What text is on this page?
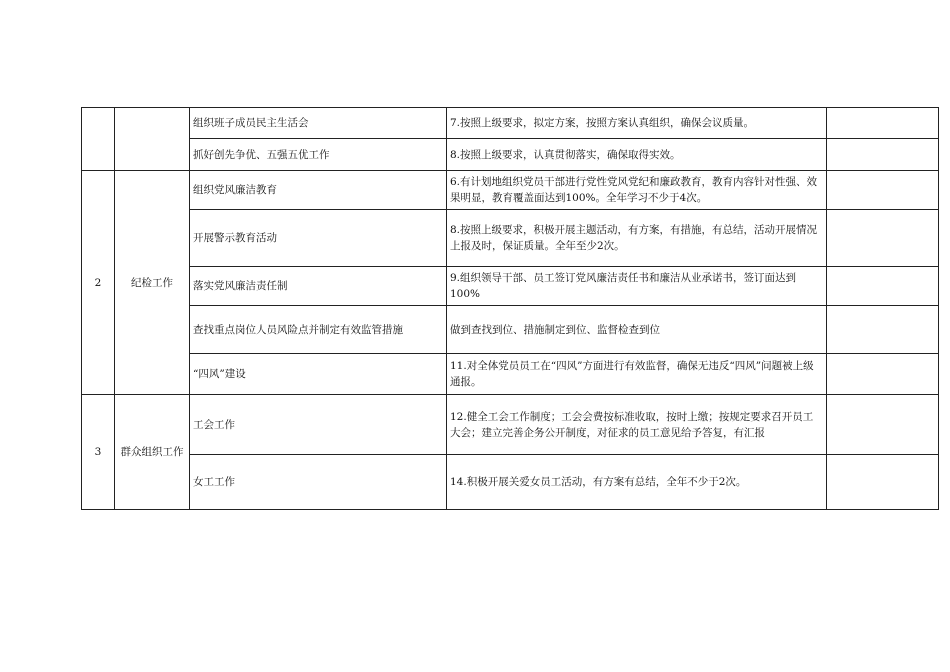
		组织班子成员民主生活会	7.按照上级要求，拟定方案，按照方案认真组织，确保会议质量。	
		抓好创先争优、五强五优工作	8.按照上级要求，认真贯彻落实，确保取得实效。	
2	纪检工作	组织党风廉洁教育	6.有计划地组织党员干部进行党性党风党纪和廉政教育，教育内容针对性强、效果明显，教育覆盖面达到100%。全年学习不少于4次。	
		开展警示教育活动	8.按照上级要求，积极开展主题活动，有方案，有措施，有总结，活动开展情况上报及时，保证质量。全年至少2次。	
		落实党风廉洁责任制	9.组织领导干部、员工签订党风廉洁责任书和廉洁从业承诺书，签订面达到100%	
		查找重点岗位人员风险点并制定有效监管措施	做到查找到位、措施制定到位、监督检查到位	
		“四风”建设	11.对全体党员员工在“四风”方面进行有效监督，确保无违反“四风”问题被上级通报。	
3	群众组织工作	工会工作	12.健全工会工作制度；工会会费按标准收取，按时上缴；按规定要求召开员工大会；建立完善企务公开制度，对征求的员工意见给予答复，有汇报	
		女工工作	14.积极开展关爱女员工活动，有方案有总结，全年不少于2次。	
